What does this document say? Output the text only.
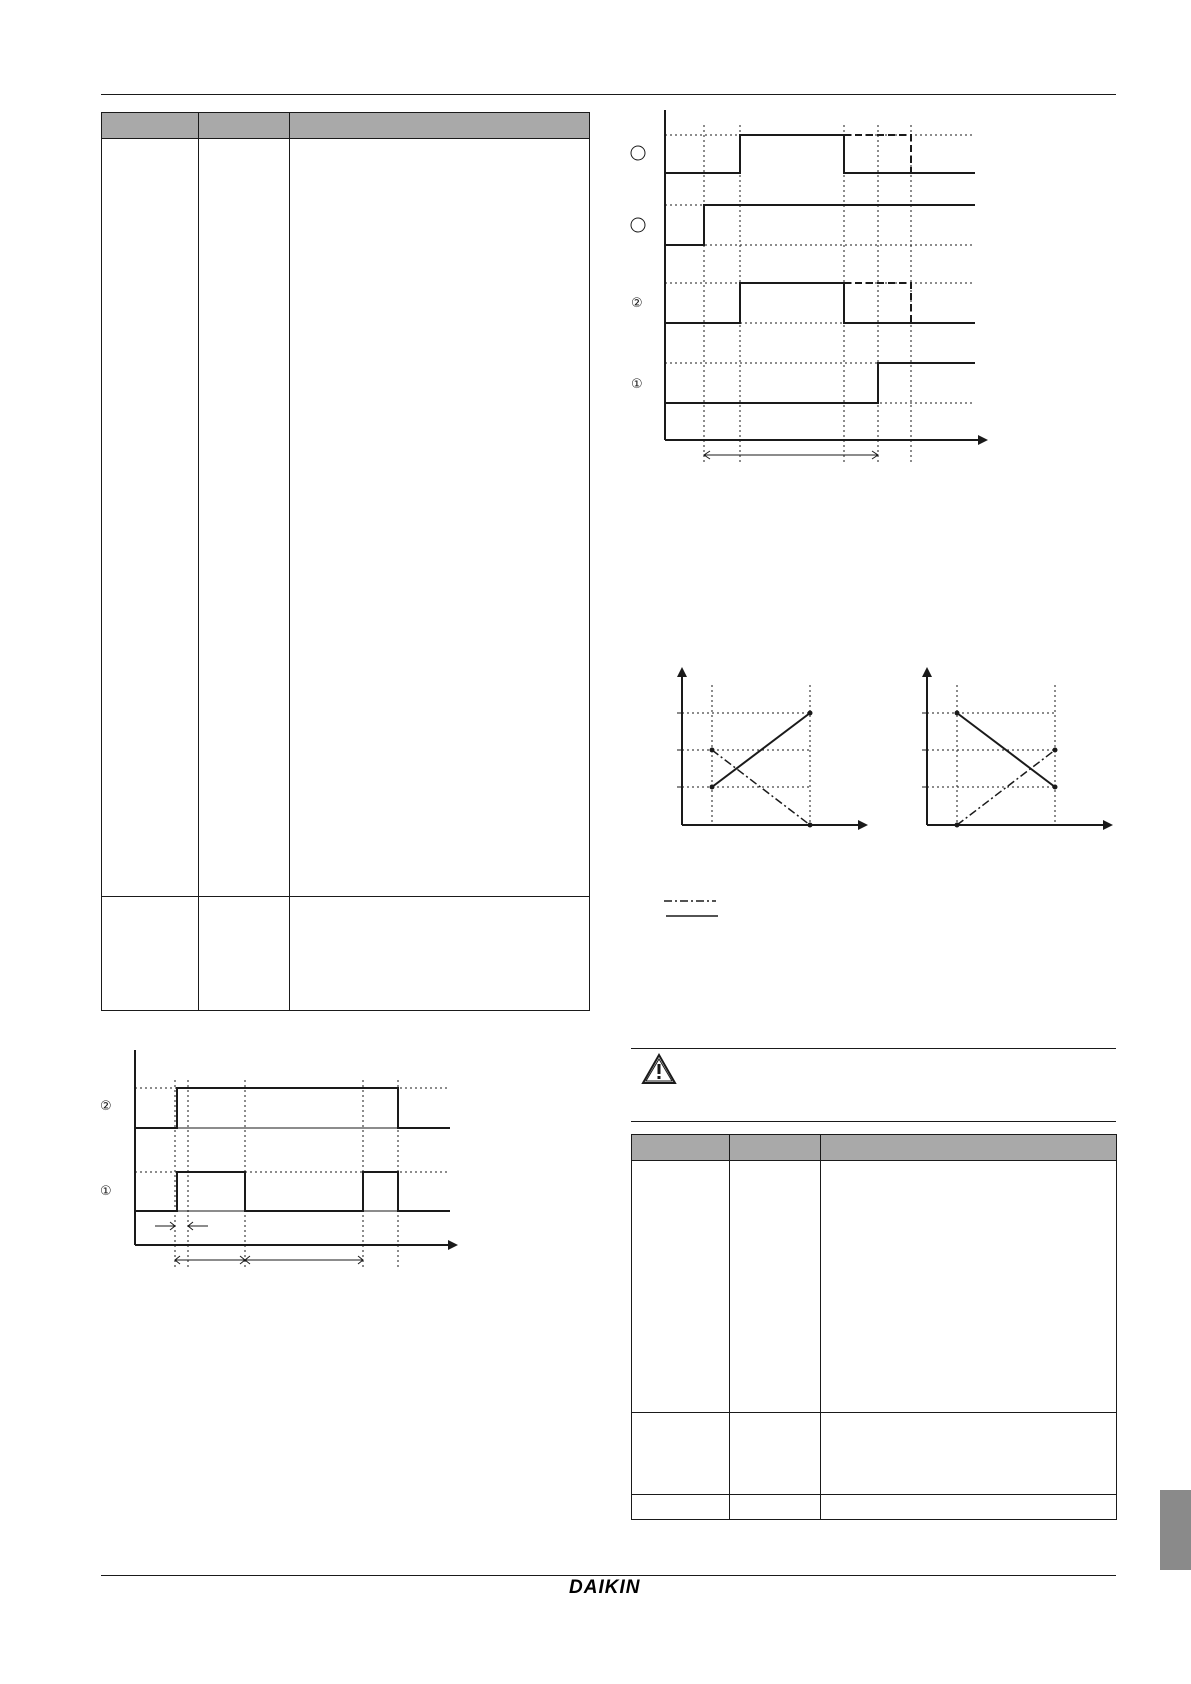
②
①
②
①
DAIKIN
